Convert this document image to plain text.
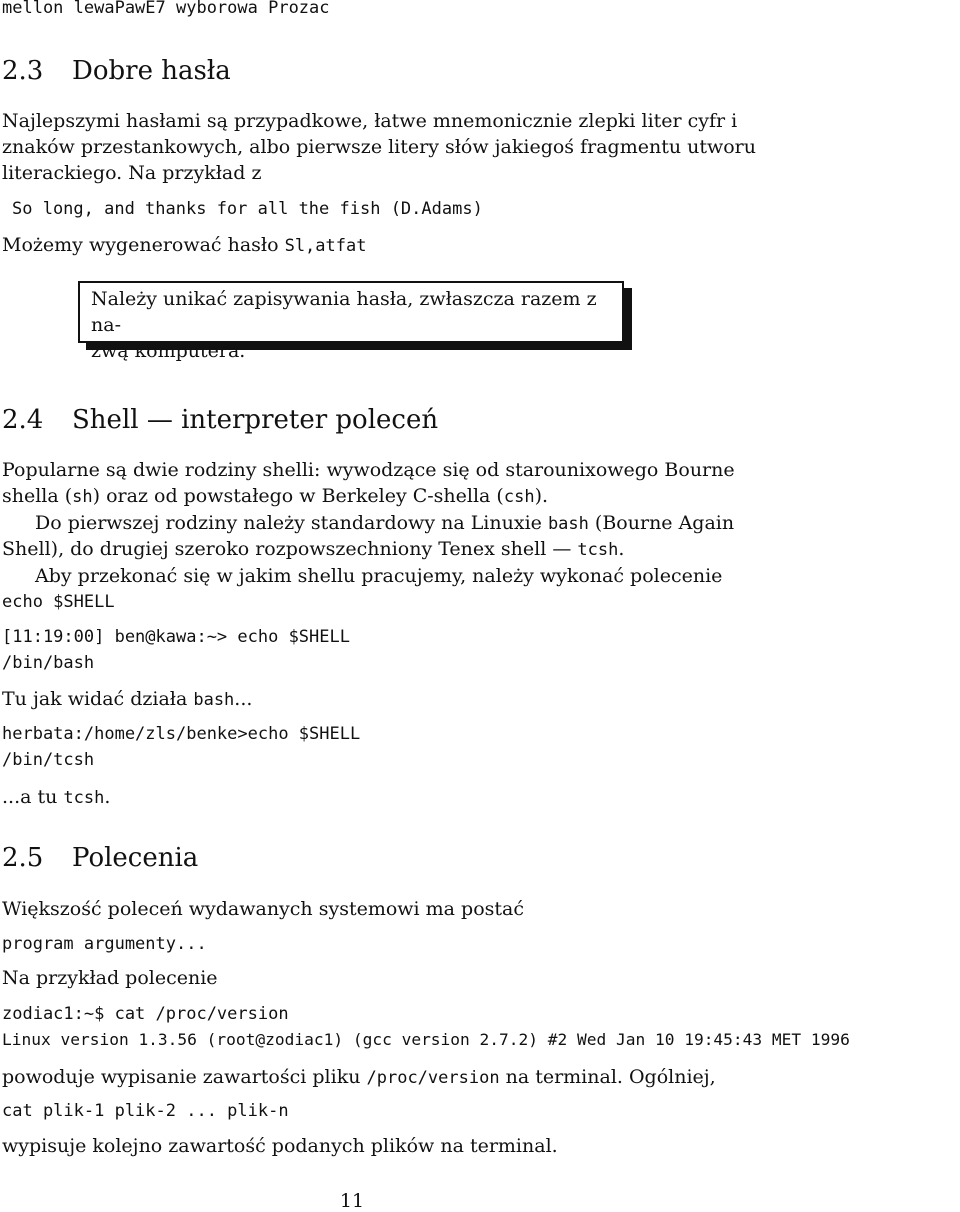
mellon lewaPawE7 wyborowa Prozac
2.3 Dobre hasła
Najlepszymi hasłami są przypadkowe, łatwe mnemonicznie zlepki liter cyfr i
znaków przestankowych, albo pierwsze litery słów jakiegoś fragmentu utworu
literackiego. Na przykład z
So long, and thanks for all the fish (D.Adams)
Możemy wygenerować hasło Sl,atfat

Należy unikać zapisywania hasła, zwłaszcza razem z na-

zwą komputera.

2.4 Shell — interpreter poleceń
Popularne są dwie rodziny shelli: wywodzące się od starounixowego Bourne
shella (sh) oraz od powstałego w Berkeley C-shella (csh).
Do pierwszej rodziny należy standardowy na Linuxie bash (Bourne Again
Shell), do drugiej szeroko rozpowszechniony Tenex shell — tcsh.
Aby przekonać się w jakim shellu pracujemy, należy wykonać polecenie
echo $SHELL
[11:19:00] ben@kawa:~> echo $SHELL
/bin/bash
Tu jak widać działa bash...
herbata:/home/zls/benke>echo $SHELL
/bin/tcsh
...a tu tcsh.
2.5 Polecenia
Większość poleceń wydawanych systemowi ma postać
program argumenty...
Na przykład polecenie
zodiac1:~$ cat /proc/version
Linux version 1.3.56 (root@zodiac1) (gcc version 2.7.2) #2 Wed Jan 10 19:45:43 MET 1996
powoduje wypisanie zawartości pliku /proc/version na terminal. Ogólniej,
cat plik-1 plik-2 ... plik-n
wypisuje kolejno zawartość podanych plików na terminal.
11
